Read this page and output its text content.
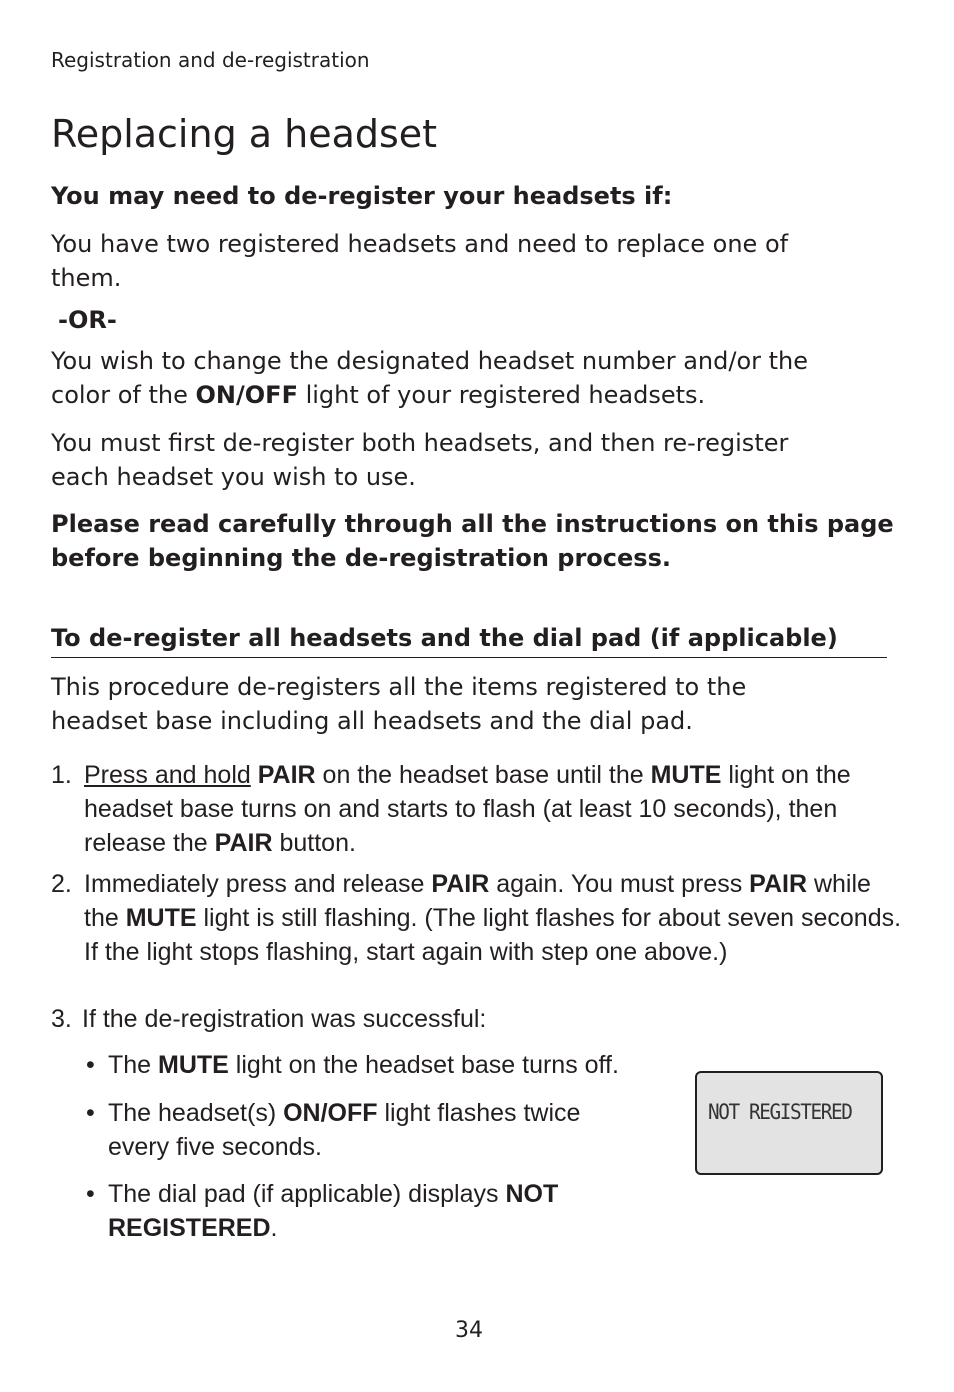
Registration and de-registration
Replacing a headset

You may need to de-register your headsets if:

You have two registered headsets and need to replace one of them.

-OR-

You wish to change the designated headset number and/or the color of the ON/OFF light of your registered headsets.

You must first de-register both headsets, and then re-register each headset you wish to use.

Please read carefully through all the instructions on this page before beginning the de-registration process.

To de-register all headsets and the dial pad (if applicable)

This procedure de-registers all the items registered to the headset base including all headsets and the dial pad.

1. Press and hold PAIR on the headset base until the MUTE light on the headset base turns on and starts to flash (at least 10 seconds), then release the PAIR button.
2. Immediately press and release PAIR again. You must press PAIR while the MUTE light is still flashing. (The light flashes for about seven seconds. If the light stops flashing, start again with step one above.)
3. If the de-registration was successful:
• The MUTE light on the headset base turns off.
• The headset(s) ON/OFF light flashes twice every five seconds.
• The dial pad (if applicable) displays NOT REGISTERED.
NOT REGISTERED
34
